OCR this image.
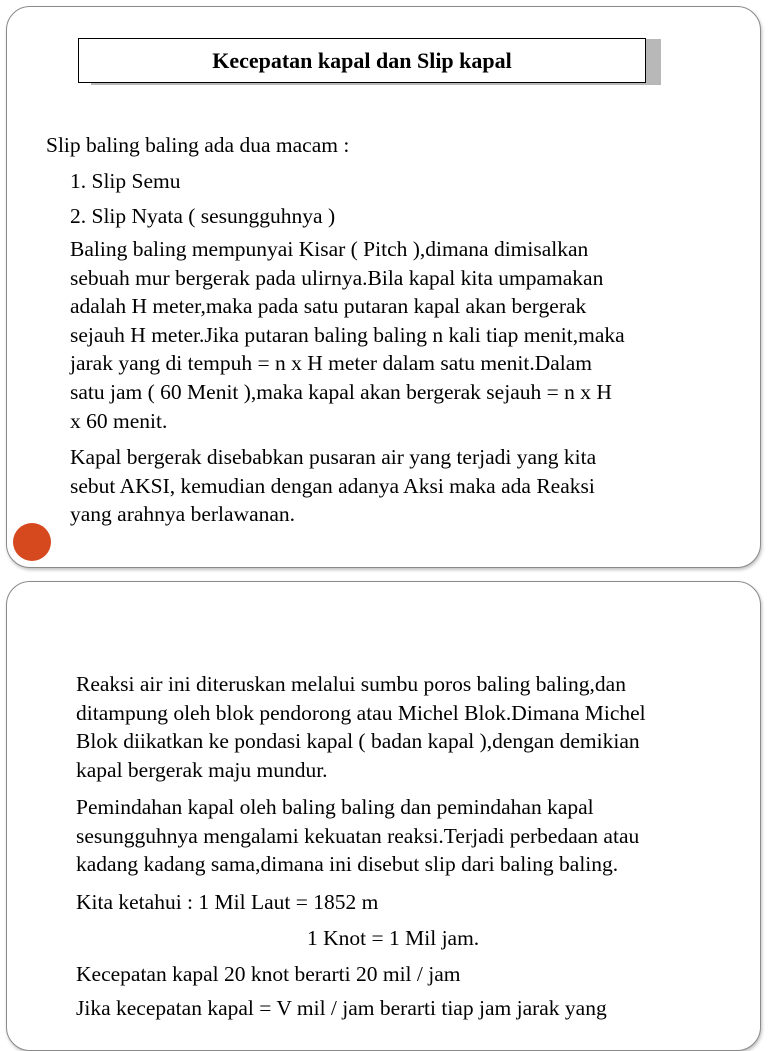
Kecepatan kapal dan Slip kapal

Slip baling baling ada dua macam :

1. Slip Semu

2. Slip Nyata ( sesungguhnya )

Baling baling mempunyai Kisar ( Pitch ),dimana dimisalkan
sebuah mur bergerak pada ulirnya.Bila kapal kita umpamakan
adalah H meter,maka pada satu putaran kapal akan bergerak
sejauh H meter.Jika putaran baling baling n kali tiap menit,maka
jarak yang di tempuh = n x H meter dalam satu menit.Dalam
satu jam ( 60 Menit ),maka kapal akan bergerak sejauh = n x H
x 60 menit.

Kapal bergerak disebabkan pusaran air yang terjadi yang kita
sebut AKSI, kemudian dengan adanya Aksi maka ada Reaksi
yang arahnya berlawanan.

Reaksi air ini diteruskan melalui sumbu poros baling baling,dan
ditampung oleh blok pendorong atau Michel Blok.Dimana Michel
Blok diikatkan ke pondasi kapal ( badan kapal ),dengan demikian
kapal bergerak maju mundur.

Pemindahan kapal oleh baling baling dan pemindahan kapal
sesungguhnya mengalami kekuatan reaksi.Terjadi perbedaan atau
kadang kadang sama,dimana ini disebut slip dari baling baling.

Kita ketahui : 1 Mil Laut = 1852 m

1 Knot = 1 Mil jam.

Kecepatan kapal 20 knot berarti 20 mil / jam

Jika kecepatan kapal = V mil / jam berarti tiap jam jarak yang
